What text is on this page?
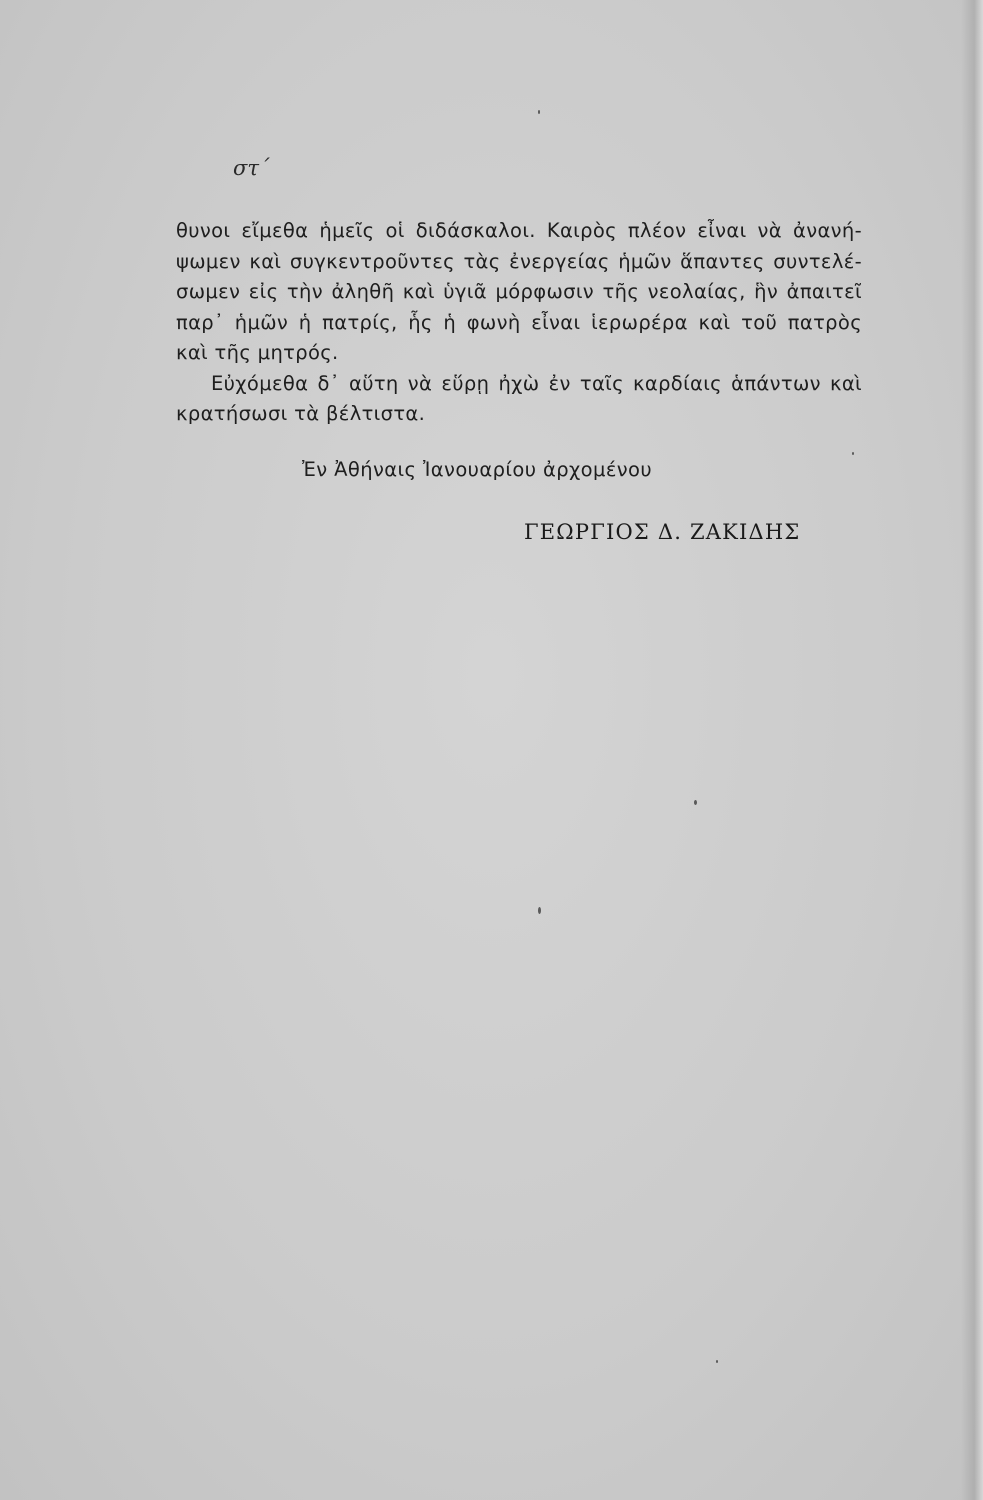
στ΄
θυνοι εἴμεθα ἡμεῖς οἱ διδάσκαλοι. Καιρὸς πλέον εἶναι νὰ ἀνανή-
ψωμεν καὶ συγκεντροῦντες τὰς ἐνεργείας ἡμῶν ἅπαντες συντελέ-
σωμεν εἰς τὴν ἀληθῆ καὶ ὑγιᾶ μόρφωσιν τῆς νεολαίας, ἣν ἀπαιτεῖ
παρ᾿ ἡμῶν ἡ πατρίς, ἧς ἡ φωνὴ εἶναι ἱερωρέρα καὶ τοῦ πατρὸς
καὶ τῆς μητρός.
Εὐχόμεθα δ᾿ αὕτη νὰ εὕρῃ ἠχὼ ἐν ταῖς καρδίαις ἁπάντων καὶ
κρατήσωσι τὰ βέλτιστα.
Ἐν Ἀθήναις Ἰανουαρίου ἀρχομένου
ΓΕΩΡΓΙΟΣ Δ. ΖΑΚΙΔΗΣ
